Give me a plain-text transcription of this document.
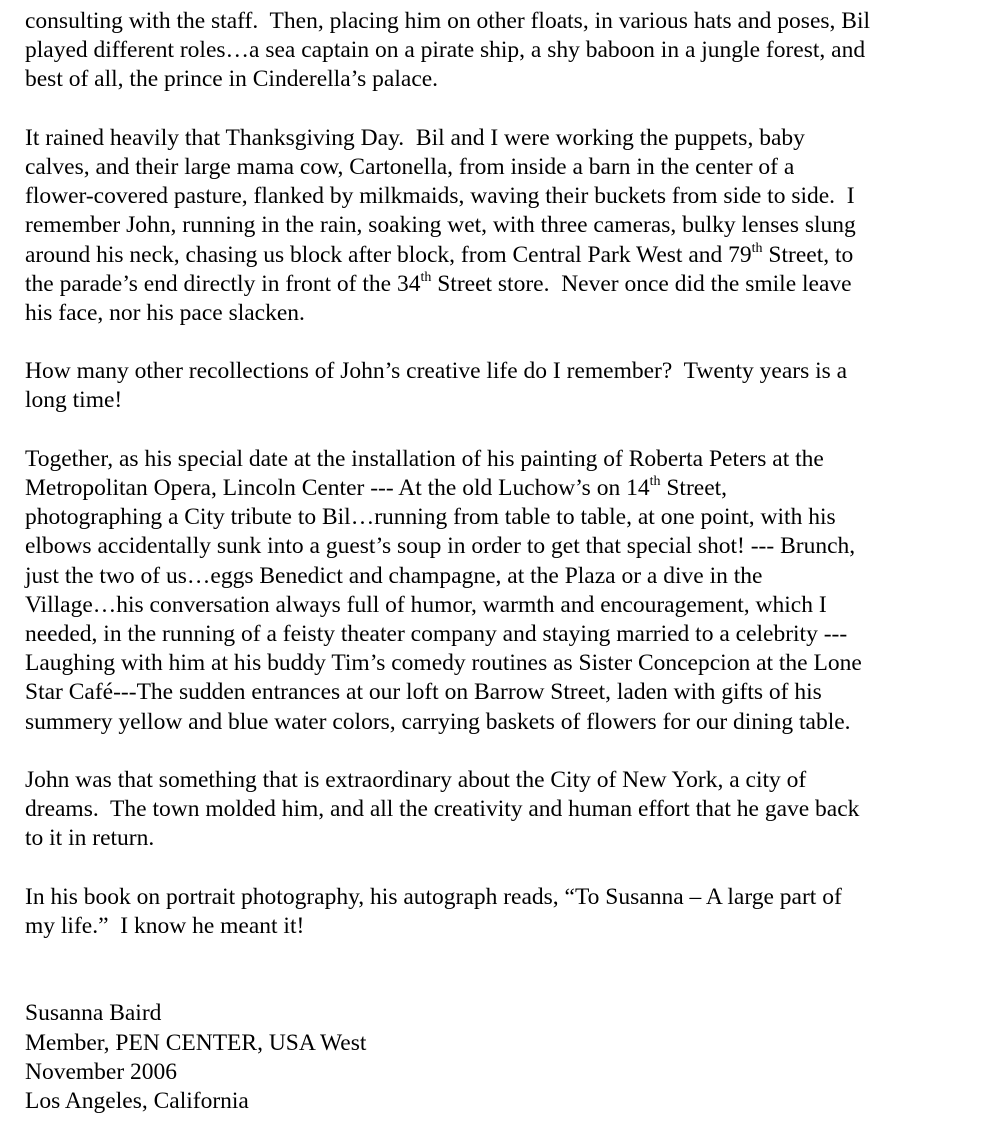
consulting with the staff.  Then, placing him on other floats, in various hats and poses, Bil
played different roles…a sea captain on a pirate ship, a shy baboon in a jungle forest, and
best of all, the prince in Cinderella’s palace.
It rained heavily that Thanksgiving Day.  Bil and I were working the puppets, baby
calves, and their large mama cow, Cartonella, from inside a barn in the center of a
flower-covered pasture, flanked by milkmaids, waving their buckets from side to side.  I
remember John, running in the rain, soaking wet, with three cameras, bulky lenses slung
around his neck, chasing us block after block, from Central Park West and 79th Street, to
the parade’s end directly in front of the 34th Street store.  Never once did the smile leave
his face, nor his pace slacken.
How many other recollections of John’s creative life do I remember?  Twenty years is a
long time!
Together, as his special date at the installation of his painting of Roberta Peters at the
Metropolitan Opera, Lincoln Center --- At the old Luchow’s on 14th Street,
photographing a City tribute to Bil…running from table to table, at one point, with his
elbows accidentally sunk into a guest’s soup in order to get that special shot! --- Brunch,
just the two of us…eggs Benedict and champagne, at the Plaza or a dive in the
Village…his conversation always full of humor, warmth and encouragement, which I
needed, in the running of a feisty theater company and staying married to a celebrity ---
Laughing with him at his buddy Tim’s comedy routines as Sister Concepcion at the Lone
Star Café---The sudden entrances at our loft on Barrow Street, laden with gifts of his
summery yellow and blue water colors, carrying baskets of flowers for our dining table.
John was that something that is extraordinary about the City of New York, a city of
dreams.  The town molded him, and all the creativity and human effort that he gave back
to it in return.
In his book on portrait photography, his autograph reads, “To Susanna – A large part of
my life.”  I know he meant it!
Susanna Baird
Member, PEN CENTER, USA West
November 2006
Los Angeles, California
